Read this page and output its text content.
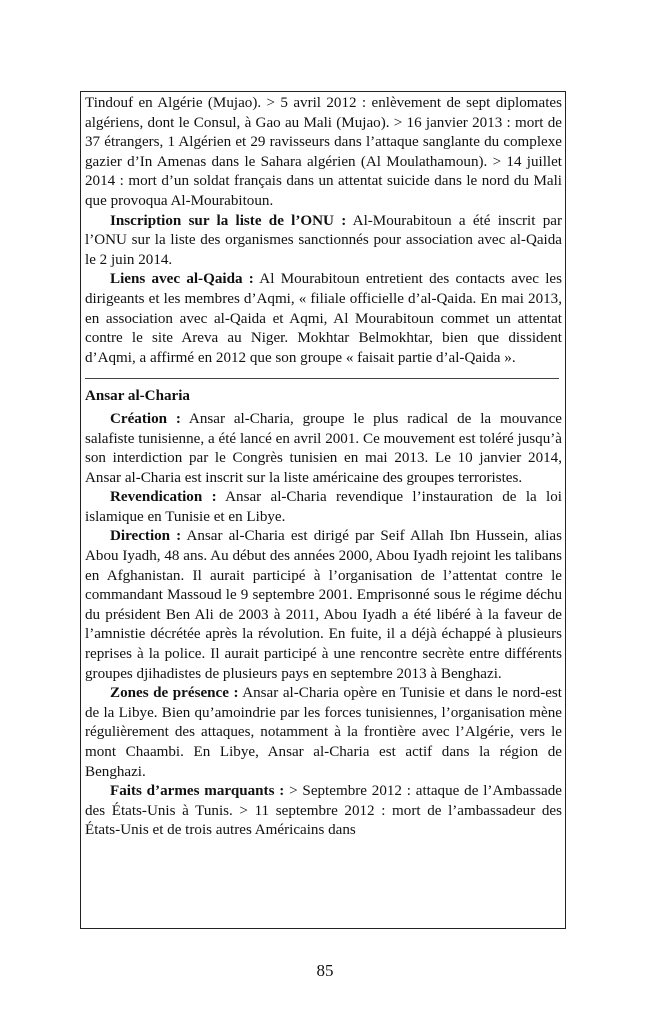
Tindouf en Algérie (Mujao). > 5 avril 2012 : enlèvement de sept diplomates algériens, dont le Consul, à Gao au Mali (Mujao). > 16 janvier 2013 : mort de 37 étrangers, 1 Algérien et 29 ravisseurs dans l’attaque sanglante du complexe gazier d’In Amenas dans le Sahara algérien (Al Moulathamoun). > 14 juillet 2014 : mort d’un soldat français dans un attentat suicide dans le nord du Mali que provoqua Al-Mourabitoun.

Inscription sur la liste de l’ONU : Al-Mourabitoun a été inscrit par l’ONU sur la liste des organismes sanctionnés pour association avec al-Qaida le 2 juin 2014.

Liens avec al-Qaida : Al Mourabitoun entretient des contacts avec les dirigeants et les membres d’Aqmi, « filiale officielle d’al-Qaida. En mai 2013, en association avec al-Qaida et Aqmi, Al Mourabitoun commet un attentat contre le site Areva au Niger. Mokhtar Belmokhtar, bien que dissident d’Aqmi, a affirmé en 2012 que son groupe « faisait partie d’al-Qaida ».

Ansar al-Charia

Création : Ansar al-Charia, groupe le plus radical de la mouvance salafiste tunisienne, a été lancé en avril 2001. Ce mouvement est toléré jusqu’à son interdiction par le Congrès tunisien en mai 2013. Le 10 janvier 2014, Ansar al-Charia est inscrit sur la liste américaine des groupes terroristes.

Revendication : Ansar al-Charia revendique l’instauration de la loi islamique en Tunisie et en Libye.

Direction : Ansar al-Charia est dirigé par Seif Allah Ibn Hussein, alias Abou Iyadh, 48 ans. Au début des années 2000, Abou Iyadh rejoint les talibans en Afghanistan. Il aurait participé à l’organisation de l’attentat contre le commandant Massoud le 9 septembre 2001. Emprisonné sous le régime déchu du président Ben Ali de 2003 à 2011, Abou Iyadh a été libéré à la faveur de l’amnistie décrétée après la révolution. En fuite, il a déjà échappé à plusieurs reprises à la police. Il aurait participé à une rencontre secrète entre différents groupes djihadistes de plusieurs pays en septembre 2013 à Benghazi.

Zones de présence : Ansar al-Charia opère en Tunisie et dans le nord-est de la Libye. Bien qu’amoindrie par les forces tunisiennes, l’organisation mène régulièrement des attaques, notamment à la frontière avec l’Algérie, vers le mont Chaambi. En Libye, Ansar al-Charia est actif dans la région de Benghazi.

Faits d’armes marquants : > Septembre 2012 : attaque de l’Ambassade des États-Unis à Tunis. > 11 septembre 2012 : mort de l’ambassadeur des États-Unis et de trois autres Américains dans

85
